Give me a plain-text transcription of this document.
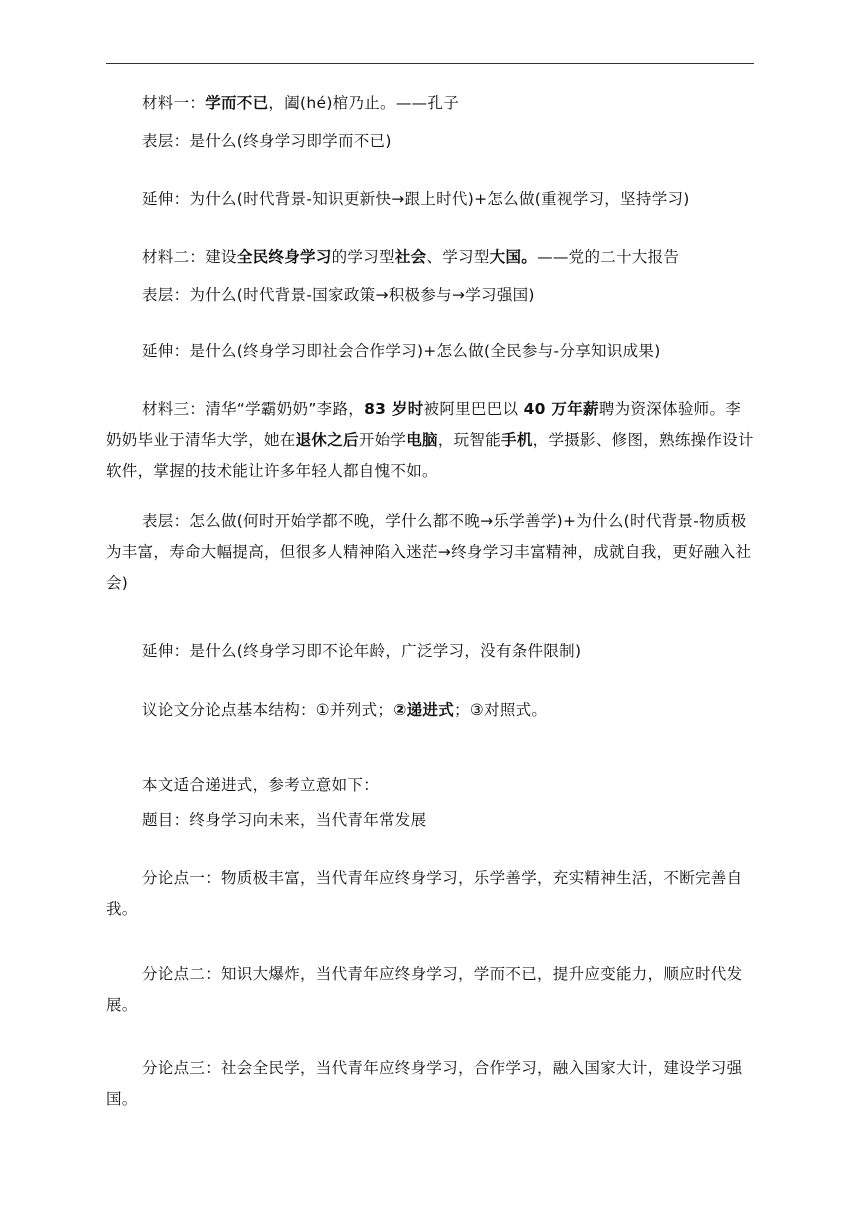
材料一：学而不已，阖(hé)棺乃止。——孔子
表层：是什么(终身学习即学而不已)
延伸：为什么(时代背景-知识更新快→跟上时代)+怎么做(重视学习，坚持学习)
材料二：建设全民终身学习的学习型社会、学习型大国。——党的二十大报告
表层：为什么(时代背景-国家政策→积极参与→学习强国)
延伸：是什么(终身学习即社会合作学习)+怎么做(全民参与-分享知识成果)
材料三：清华“学霸奶奶”李路，83 岁时被阿里巴巴以 40 万年薪聘为资深体验师。李奶奶毕业于清华大学，她在退休之后开始学电脑，玩智能手机，学摄影、修图，熟练操作设计软件，掌握的技术能让许多年轻人都自愧不如。
表层：怎么做(何时开始学都不晚，学什么都不晚→乐学善学)+为什么(时代背景-物质极为丰富，寿命大幅提高，但很多人精神陷入迷茫→终身学习丰富精神，成就自我，更好融入社会)
延伸：是什么(终身学习即不论年龄，广泛学习，没有条件限制)
议论文分论点基本结构：①并列式；②递进式；③对照式。
本文适合递进式，参考立意如下：
题目：终身学习向未来，当代青年常发展
分论点一：物质极丰富，当代青年应终身学习，乐学善学，充实精神生活，不断完善自我。
分论点二：知识大爆炸，当代青年应终身学习，学而不已，提升应变能力，顺应时代发展。
分论点三：社会全民学，当代青年应终身学习，合作学习，融入国家大计，建设学习强国。
